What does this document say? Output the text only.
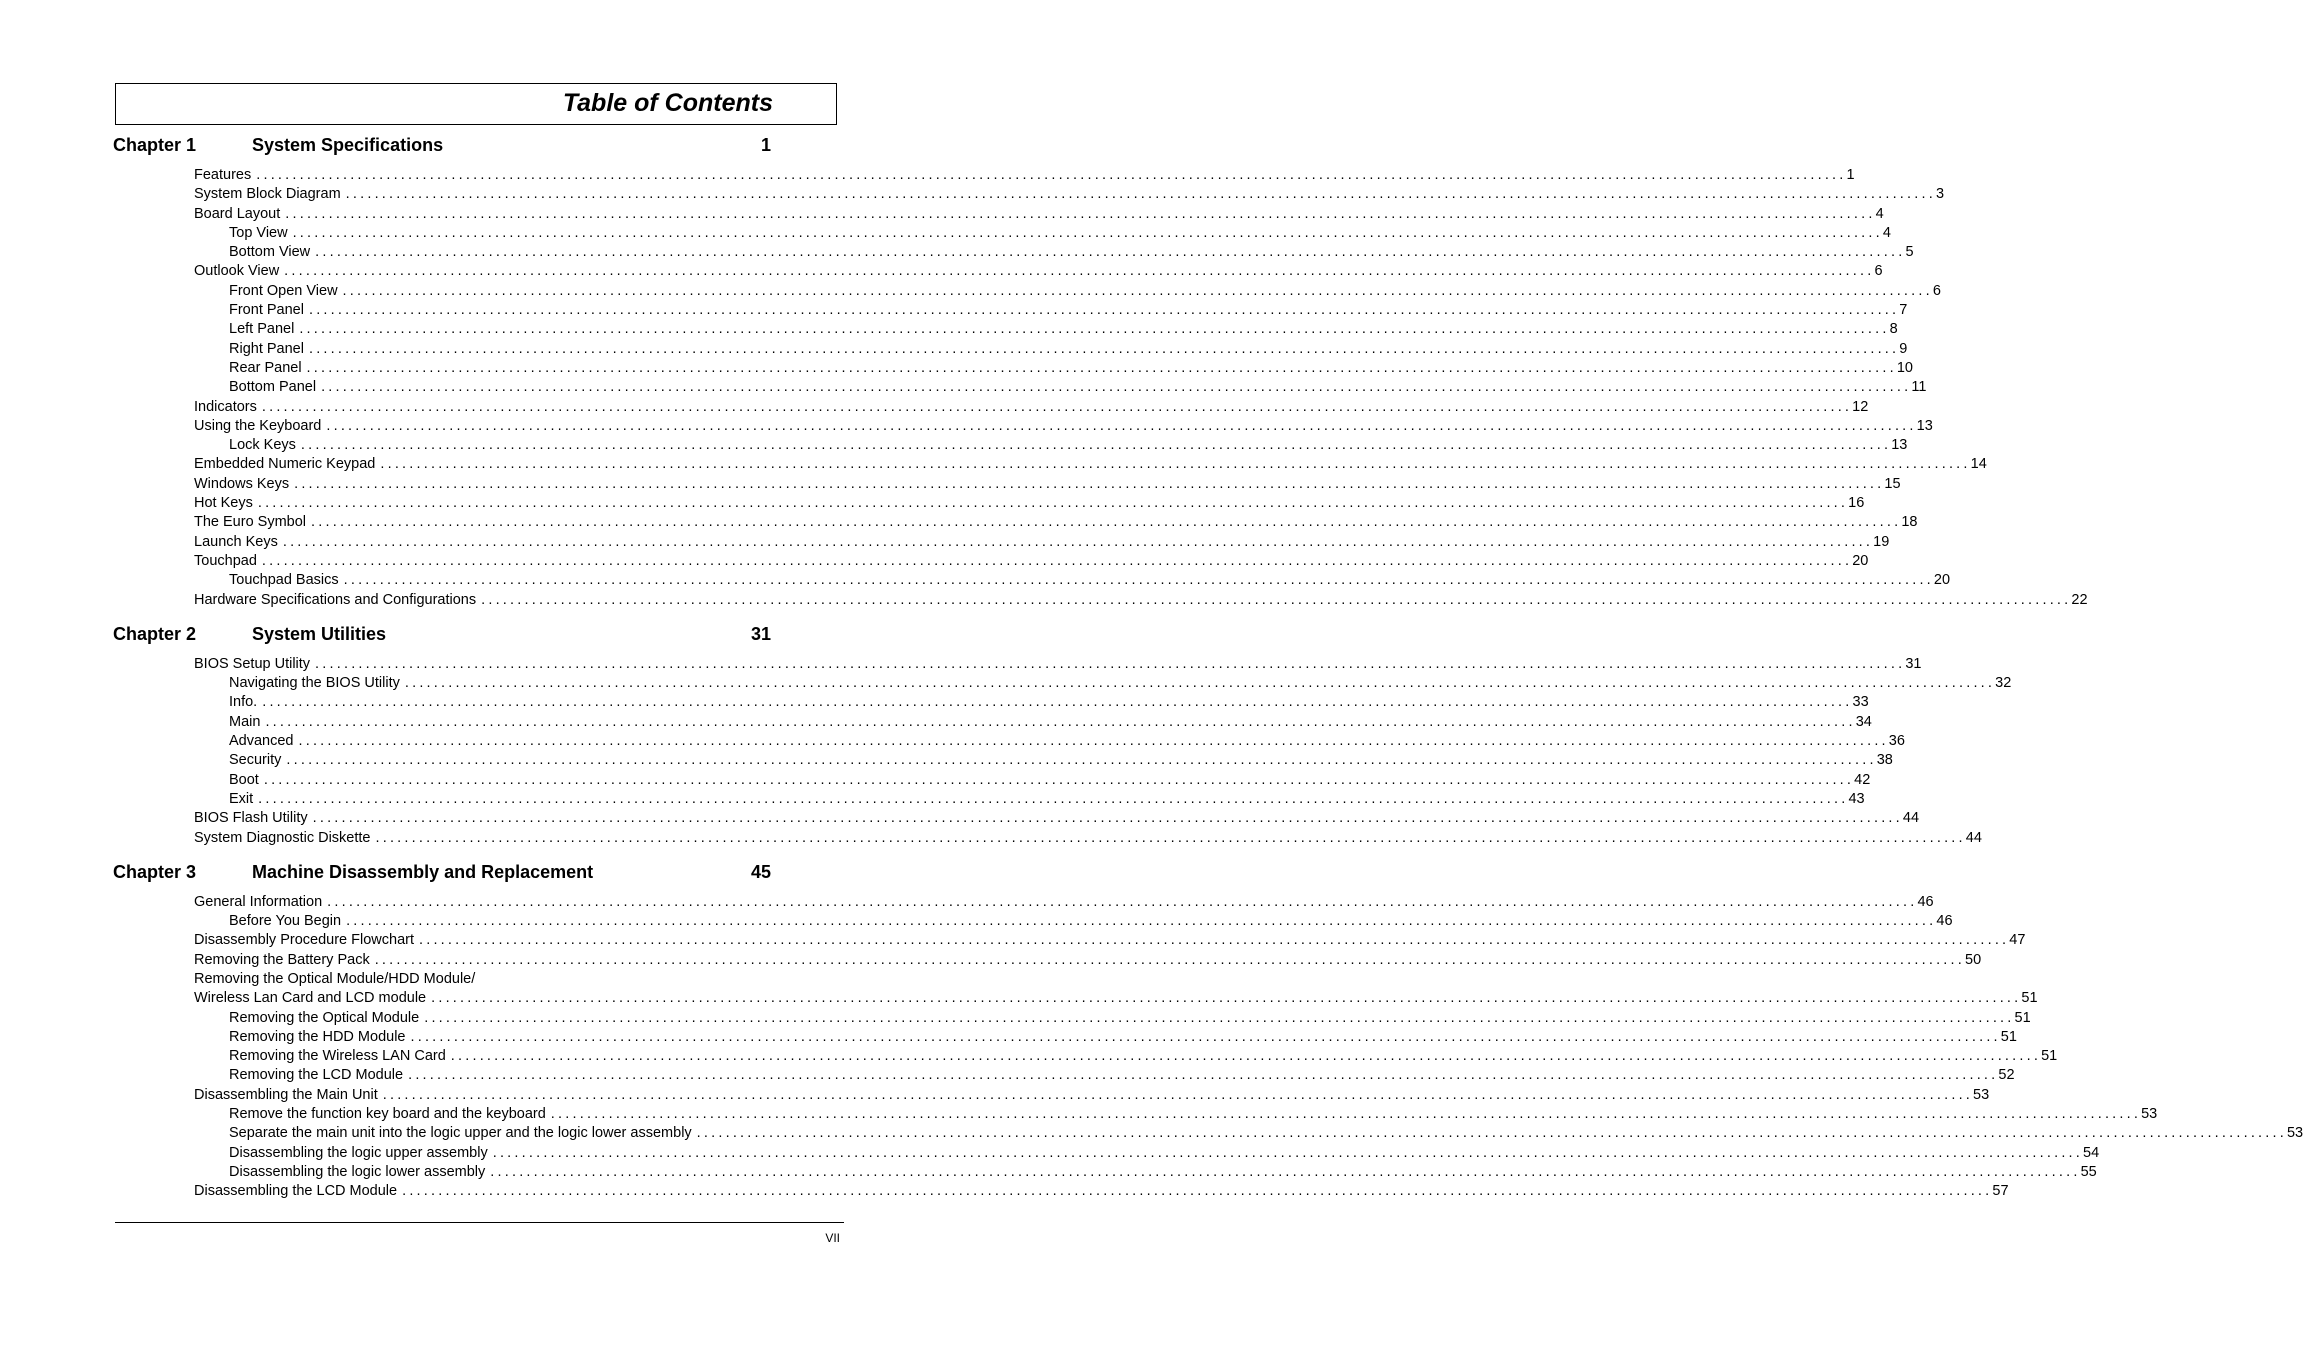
Table of Contents
Chapter 1	System Specifications	1
Features ............................................................................................................................................................................................................................ 1
System Block Diagram ............................................................................................................................................................................................................................ 3
Board Layout ............................................................................................................................................................................................................................ 4
Top View ............................................................................................................................................................................................................................ 4
Bottom View ............................................................................................................................................................................................................................ 5
Outlook View ............................................................................................................................................................................................................................ 6
Front Open View ............................................................................................................................................................................................................................ 6
Front Panel ............................................................................................................................................................................................................................ 7
Left Panel ............................................................................................................................................................................................................................ 8
Right Panel ............................................................................................................................................................................................................................ 9
Rear Panel ............................................................................................................................................................................................................................ 10
Bottom Panel ............................................................................................................................................................................................................................ 11
Indicators ............................................................................................................................................................................................................................ 12
Using the Keyboard ............................................................................................................................................................................................................................ 13
Lock Keys ............................................................................................................................................................................................................................ 13
Embedded Numeric Keypad ............................................................................................................................................................................................................................ 14
Windows Keys ............................................................................................................................................................................................................................ 15
Hot Keys ............................................................................................................................................................................................................................ 16
The Euro Symbol ............................................................................................................................................................................................................................ 18
Launch Keys ............................................................................................................................................................................................................................ 19
Touchpad ............................................................................................................................................................................................................................ 20
Touchpad Basics ............................................................................................................................................................................................................................ 20
Hardware Specifications and Configurations ............................................................................................................................................................................................................................ 22
Chapter 2	System Utilities	31
BIOS Setup Utility ............................................................................................................................................................................................................................ 31
Navigating the BIOS Utility ............................................................................................................................................................................................................................ 32
Info. ............................................................................................................................................................................................................................ 33
Main ............................................................................................................................................................................................................................ 34
Advanced ............................................................................................................................................................................................................................ 36
Security ............................................................................................................................................................................................................................ 38
Boot ............................................................................................................................................................................................................................ 42
Exit ............................................................................................................................................................................................................................ 43
BIOS Flash Utility ............................................................................................................................................................................................................................ 44
System Diagnostic Diskette ............................................................................................................................................................................................................................ 44
Chapter 3	Machine Disassembly and Replacement	45
General Information ............................................................................................................................................................................................................................ 46
Before You Begin ............................................................................................................................................................................................................................ 46
Disassembly Procedure Flowchart ............................................................................................................................................................................................................................ 47
Removing the Battery Pack ............................................................................................................................................................................................................................ 50
Removing the Optical Module/HDD Module/
Wireless Lan Card and LCD module ............................................................................................................................................................................................................................ 51
Removing the Optical Module ............................................................................................................................................................................................................................ 51
Removing the HDD Module ............................................................................................................................................................................................................................ 51
Removing the Wireless LAN Card ............................................................................................................................................................................................................................ 51
Removing the LCD Module ............................................................................................................................................................................................................................ 52
Disassembling the Main Unit ............................................................................................................................................................................................................................ 53
Remove the function key board and the keyboard ............................................................................................................................................................................................................................ 53
Separate the main unit into the logic upper and the logic lower assembly ............................................................................................................................................................................................................................ 53
Disassembling the logic upper assembly ............................................................................................................................................................................................................................ 54
Disassembling the logic lower assembly ............................................................................................................................................................................................................................ 55
Disassembling the LCD Module ............................................................................................................................................................................................................................ 57
VII
